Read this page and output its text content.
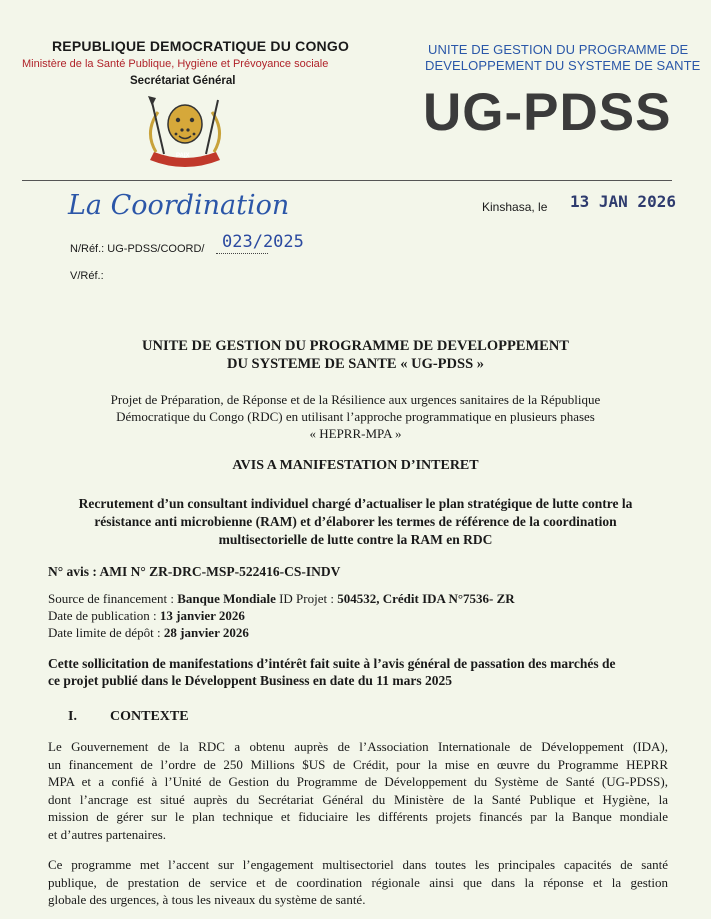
REPUBLIQUE DEMOCRATIQUE DU CONGO
Ministère de la Santé Publique, Hygiène et Prévoyance sociale
Secrétariat Général
PAIX
UNITE DE GESTION DU PROGRAMME DE
DEVELOPPEMENT DU SYSTEME DE SANTE
UG-PDSS
La Coordination	Kinshasa, le 13 JAN 2026
N/Réf.: UG-PDSS/COORD/ 023/2025
V/Réf.:
UNITE DE GESTION DU PROGRAMME DE DEVELOPPEMENT
DU SYSTEME DE SANTE « UG-PDSS »
Projet de Préparation, de Réponse et de la Résilience aux urgences sanitaires de la République
Démocratique du Congo (RDC) en utilisant l’approche programmatique en plusieurs phases
« HEPRR-MPA »
AVIS A MANIFESTATION D’INTERET
Recrutement d’un consultant individuel chargé d’actualiser le plan stratégique de lutte contre la
résistance anti microbienne (RAM) et d’élaborer les termes de référence de la coordination
multisectorielle de lutte contre la RAM en RDC
N° avis : AMI N° ZR-DRC-MSP-522416-CS-INDV
Source de financement : Banque Mondiale ID Projet : 504532, Crédit IDA N°7536- ZR
Date de publication : 13 janvier 2026
Date limite de dépôt : 28 janvier 2026
Cette sollicitation de manifestations d’intérêt fait suite à l’avis général de passation des marchés de
ce projet publié dans le Développent Business en date du 11 mars 2025
I. CONTEXTE
Le Gouvernement de la RDC a obtenu auprès de l’Association Internationale de Développement (IDA),
un financement de l’ordre de 250 Millions $US de Crédit, pour la mise en œuvre du Programme HEPRR
MPA et a confié à l’Unité de Gestion du Programme de Développement du Système de Santé (UG-PDSS),
dont l’ancrage est situé auprès du Secrétariat Général du Ministère de la Santé Publique et Hygiène, la
mission de gérer sur le plan technique et fiduciaire les différents projets financés par la Banque mondiale
et d’autres partenaires.
Ce programme met l’accent sur l’engagement multisectoriel dans toutes les principales capacités de santé
publique, de prestation de service et de coordination régionale ainsi que dans la réponse et la gestion
globale des urgences, à tous les niveaux du système de santé.
